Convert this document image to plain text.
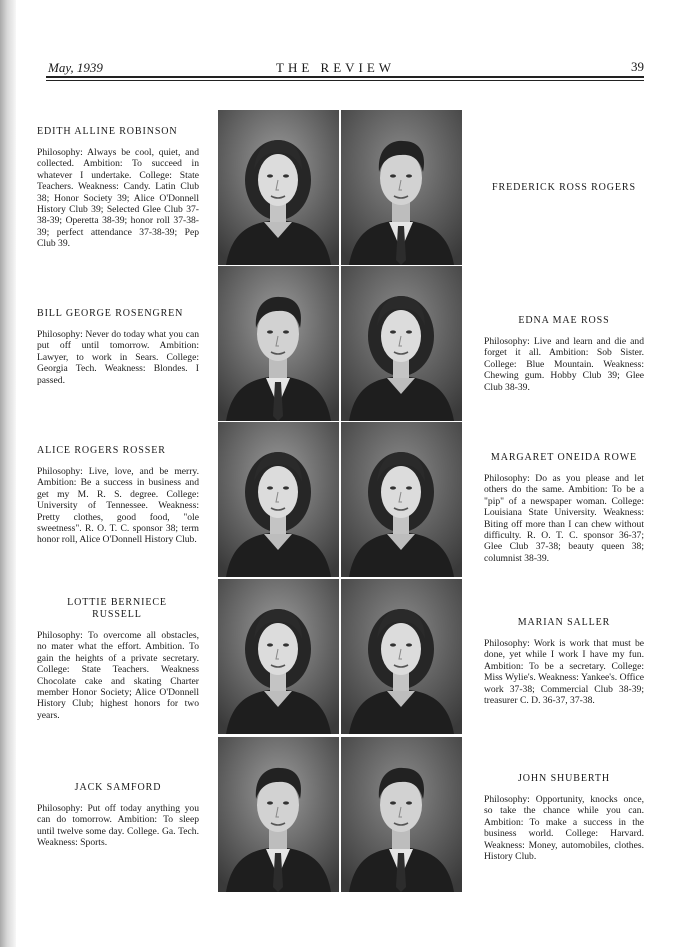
May, 1939	THE REVIEW	39
EDITH ALLINE ROBINSON
Philosophy: Always be cool, quiet, and collected. Ambition: To succeed in whatever I undertake. College: State Teachers. Weakness: Candy. Latin Club 38; Honor Society 39; Alice O'Donnell History Club 39; Selected Glee Club 37-38-39; Operetta 38-39; honor roll 37-38-39; perfect attendance 37-38-39; Pep Club 39.
FREDERICK ROSS ROGERS
BILL GEORGE ROSENGREN
Philosophy: Never do today what you can put off until tomorrow. Ambition: Lawyer, to work in Sears. College: Georgia Tech. Weakness: Blondes. I passed.
EDNA MAE ROSS
Philosophy: Live and learn and die and forget it all. Ambition: Sob Sister. College: Blue Mountain. Weakness: Chewing gum. Hobby Club 39; Glee Club 38-39.
ALICE ROGERS ROSSER
Philosophy: Live, love, and be merry. Ambition: Be a success in business and get my M. R. S. degree. College: University of Tennessee. Weakness: Pretty clothes, good food, "ole sweetness". R. O. T. C. sponsor 38; term honor roll, Alice O'Donnell History Club.
MARGARET ONEIDA ROWE
Philosophy: Do as you please and let others do the same. Ambition: To be a "pip" of a newspaper woman. College: Louisiana State University. Weakness: Biting off more than I can chew without difficulty. R. O. T. C. sponsor 36-37; Glee Club 37-38; beauty queen 38; columnist 38-39.
LOTTIE BERNIECE RUSSELL
Philosophy: To overcome all obstacles, no mater what the effort. Ambition. To gain the heights of a private secretary. College: State Teachers. Weakness Chocolate cake and skating Charter member Honor Society; Alice O'Donnell History Club; highest honors for two years.
MARIAN SALLER
Philosophy: Work is work that must be done, yet while I work I have my fun. Ambition: To be a secretary. College: Miss Wylie's. Weakness: Yankee's. Office work 37-38; Commercial Club 38-39; treasurer C. D. 36-37, 37-38.
JACK SAMFORD
Philosophy: Put off today anything you can do tomorrow. Ambition: To sleep until twelve some day. College. Ga. Tech. Weakness: Sports.
JOHN SHUBERTH
Philosophy: Opportunity, knocks once, so take the chance while you can. Ambition: To make a success in the business world. College: Harvard. Weakness: Money, automobiles, clothes. History Club.
